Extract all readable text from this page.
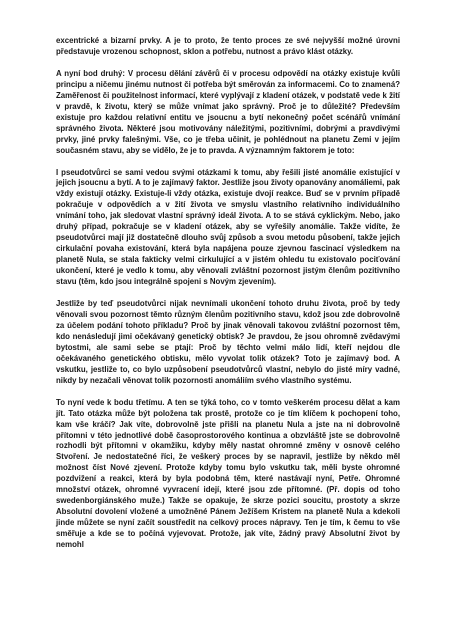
excentrické a bizarní prvky. A je to proto, že tento proces ze své nejvyšší možné úrovni představuje vrozenou schopnost, sklon a potřebu, nutnost a právo klást otázky.

A nyní bod druhý: V procesu dělání závěrů či v procesu odpovědí na otázky existuje kvůli principu a ničemu jinému nutnost či potřeba být směrován za informacemi. Co to znamená? Zaměřenost či použitelnost informací, které vyplývají z kladení otázek, v podstatě vede k žití v pravdě, k životu, který se může vnímat jako správný. Proč je to důležité? Především existuje pro každou relativní entitu ve jsoucnu a bytí nekonečný počet scénářů vnímání správného života. Některé jsou motivovány náležitými, pozitivními, dobrými a pravdivými prvky, jiné prvky falešnými. Vše, co je třeba učinit, je pohlédnout na planetu Zemi v jejím současném stavu, aby se vidělo, že je to pravda. A významným faktorem je toto:

I pseudotvůrci se sami vedou svými otázkami k tomu, aby řešili jisté anomálie existující v jejich jsoucnu a bytí. A to je zajímavý faktor. Jestliže jsou životy opanovány anomáliemi, pak vždy existují otázky. Existuje-li vždy otázka, existuje dvojí reakce. Buď se v prvním případě pokračuje v odpovědích a v žití života ve smyslu vlastního relativního individuálního vnímání toho, jak sledovat vlastní správný ideál života. A to se stává cyklickým. Nebo, jako druhý případ, pokračuje se v kladení otázek, aby se vyřešily anomálie. Takže vidíte, že pseudotvůrci mají již dostatečně dlouho svůj způsob a svou metodu působení, takže jejich cirkulační povaha existování, která byla napájena pouze zjevnou fascinací výsledkem na planetě Nula, se stala fakticky velmi cirkulující a v jistém ohledu tu existovalo pociťování ukončení, které je vedlo k tomu, aby věnovali zvláštní pozornost jistým členům pozitivního stavu (těm, kdo jsou integrálně spojeni s Novým zjevením).

Jestliže by teď pseudotvůrci nijak nevnímali ukončení tohoto druhu života, proč by tedy věnovali svou pozornost těmto různým členům pozitivního stavu, kdož jsou zde dobrovolně za účelem podání tohoto příkladu? Proč by jinak věnovali takovou zvláštní pozornost těm, kdo nenásledují jimi očekávaný genetický obtisk? Je pravdou, že jsou ohromně zvědavými bytostmi, ale sami sebe se ptají: Proč by těchto velmi málo lidí, kteří nejdou dle očekávaného genetického obtisku, mělo vyvolat tolik otázek? Toto je zajímavý bod. A vskutku, jestliže to, co bylo uzpůsobení pseudotvůrců vlastní, nebylo do jisté míry vadné, nikdy by nezačali věnovat tolik pozornosti anomáliím svého vlastního systému.

To nyní vede k bodu třetímu. A ten se týká toho, co v tomto veškerém procesu dělat a kam jít. Tato otázka může být položena tak prostě, protože co je tím klíčem k pochopení toho, kam vše kráčí? Jak víte, dobrovolně jste přišli na planetu Nula a jste na ni dobrovolně přítomni v této jednotlivé době časoprostorového kontinua a obzvláště jste se dobrovolně rozhodli být přítomni v okamžiku, kdyby měly nastat ohromné změny v osnově celého Stvoření. Je nedostatečné říci, že veškerý proces by se napravil, jestliže by někdo měl možnost číst Nové zjevení. Protože kdyby tomu bylo vskutku tak, měli byste ohromné pozdvižení a reakci, která by byla podobná těm, které nastávají nyní, Petře. Ohromné množství otázek, ohromné vyvracení idejí, které jsou zde přítomné. (Př. dopis od toho swedenborgiánského muže.) Takže se opakuje, že skrze pozici soucitu, prostoty a skrze Absolutní dovolení vložené a umožněné Pánem Ježíšem Kristem na planetě Nula a kdekoli jinde můžete se nyní začít soustředit na celkový proces nápravy. Ten je tím, k čemu to vše směřuje a kde se to počíná vyjevovat. Protože, jak víte, žádný pravý Absolutní život by nemohl
